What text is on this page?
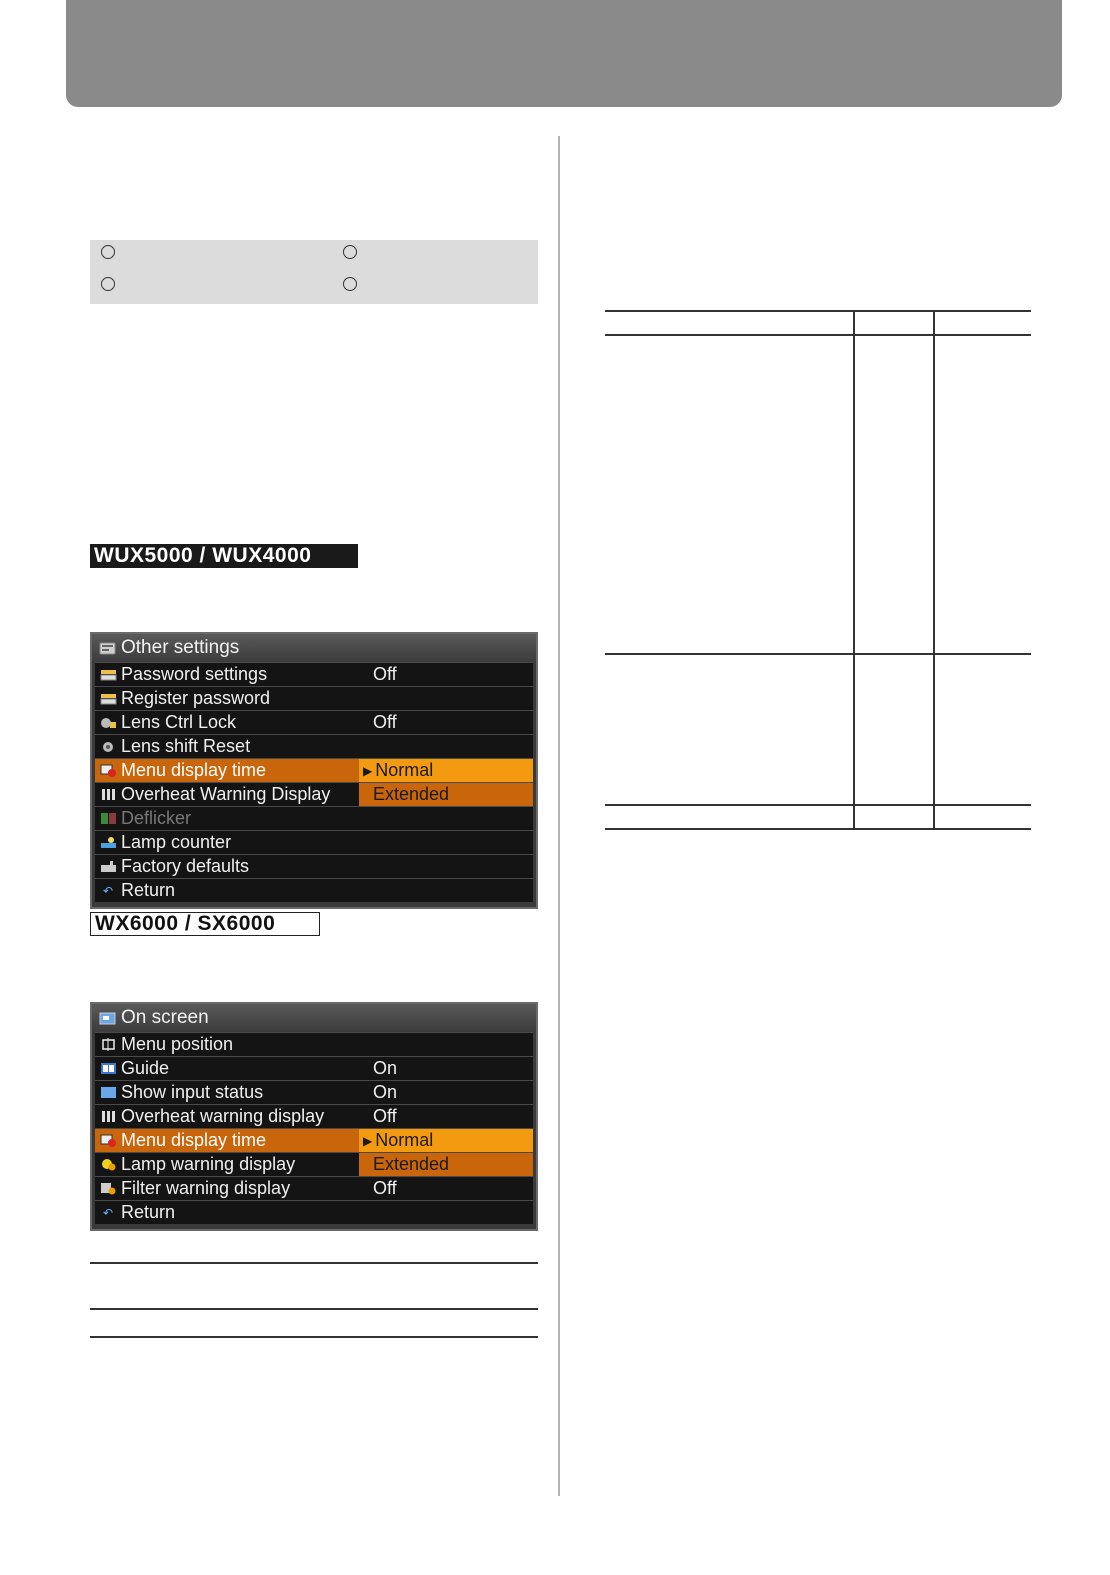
WUX5000 / WUX4000
Other settings
Password settings	Off
Register password
Lens Ctrl Lock	Off
Lens shift Reset
Menu display time	▶ Normal
Overheat Warning Display	Extended
Deflicker
Lamp counter
Factory defaults
↶ Return
WX6000 / SX6000
On screen
Menu position
Guide	On
Show input status	On
Overheat warning display	Off
Menu display time	▶ Normal
Lamp warning display	Extended
Filter warning display	Off
↶ Return
